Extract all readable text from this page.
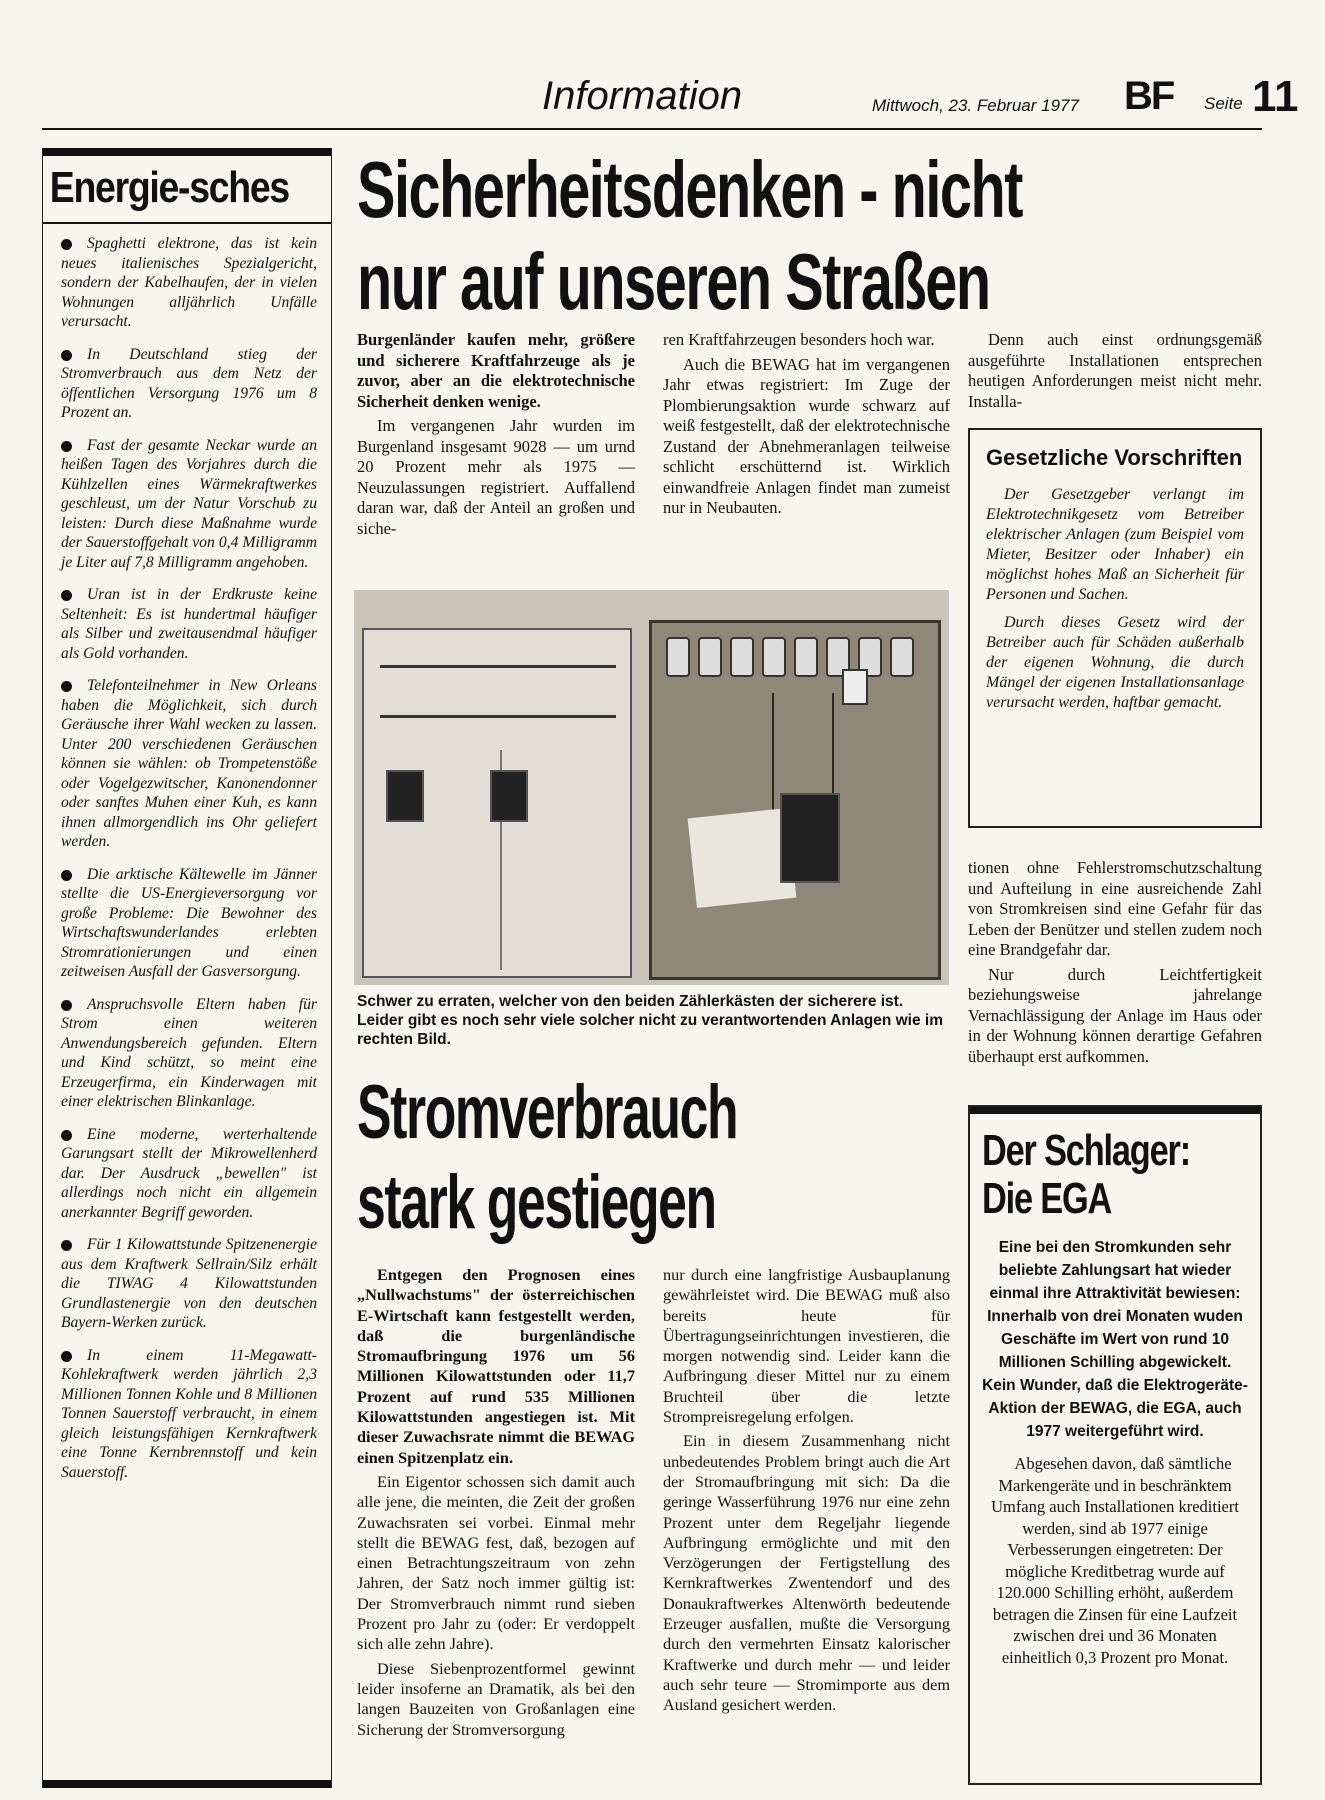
Information	Mittwoch, 23. Februar 1977 BF Seite 11
Energie-sches
Spaghetti elektrone, das ist kein neues italienisches Spezialgericht, sondern der Kabelhaufen, der in vielen Wohnungen alljährlich Unfälle verursacht.
In Deutschland stieg der Stromverbrauch aus dem Netz der öffentlichen Versorgung 1976 um 8 Prozent an.
Fast der gesamte Neckar wurde an heißen Tagen des Vorjahres durch die Kühlzellen eines Wärmekraftwerkes geschleust, um der Natur Vorschub zu leisten: Durch diese Maßnahme wurde der Sauerstoffgehalt von 0,4 Milligramm je Liter auf 7,8 Milligramm angehoben.
Uran ist in der Erdkruste keine Seltenheit: Es ist hundertmal häufiger als Silber und zweitausendmal häufiger als Gold vorhanden.
Telefonteilnehmer in New Orleans haben die Möglichkeit, sich durch Geräusche ihrer Wahl wecken zu lassen. Unter 200 verschiedenen Geräuschen können sie wählen: ob Trompetenstöße oder Vogelgezwitscher, Kanonendonner oder sanftes Muhen einer Kuh, es kann ihnen allmorgendlich ins Ohr geliefert werden.
Die arktische Kältewelle im Jänner stellte die US-Energieversorgung vor große Probleme: Die Bewohner des Wirtschaftswunderlandes erlebten Stromrationierungen und einen zeitweisen Ausfall der Gasversorgung.
Anspruchsvolle Eltern haben für Strom einen weiteren Anwendungsbereich gefunden. Eltern und Kind schützt, so meint eine Erzeugerfirma, ein Kinderwagen mit einer elektrischen Blinkanlage.
Eine moderne, werterhaltende Garungsart stellt der Mikrowellenherd dar. Der Ausdruck „bewellen" ist allerdings noch nicht ein allgemein anerkannter Begriff geworden.
Für 1 Kilowattstunde Spitzenenergie aus dem Kraftwerk Sellrain/Silz erhält die TIWAG 4 Kilowattstunden Grundlastenergie von den deutschen Bayern-Werken zurück.
In einem 11-Megawatt-Kohlekraftwerk werden jährlich 2,3 Millionen Tonnen Kohle und 8 Millionen Tonnen Sauerstoff verbraucht, in einem gleich leistungsfähigen Kernkraftwerk eine Tonne Kernbrennstoff und kein Sauerstoff.
Sicherheitsdenken - nicht
nur auf unseren Straßen

Burgenländer kaufen mehr, größere und sicherere Kraftfahrzeuge als je zuvor, aber an die elektrotechnische Sicherheit denken wenige.

Im vergangenen Jahr wurden im Burgenland insgesamt 9028 — um urnd 20 Prozent mehr als 1975 — Neuzulassungen registriert. Auffallend daran war, daß der Anteil an großen und siche-

ren Kraftfahrzeugen besonders hoch war.

Auch die BEWAG hat im vergangenen Jahr etwas registriert: Im Zuge der Plombierungsaktion wurde schwarz auf weiß festgestellt, daß der elektrotechnische Zustand der Abnehmeranlagen teilweise schlicht erschütternd ist. Wirklich einwandfreie Anlagen findet man zumeist nur in Neubauten.

Denn auch einst ordnungsgemäß ausgeführte Installationen entsprechen heutigen Anforderungen meist nicht mehr. Installa-

Schwer zu erraten, welcher von den beiden Zählerkästen der sicherere ist. Leider gibt es noch sehr viele solcher nicht zu verantwortenden Anlagen wie im rechten Bild.
Gesetzliche Vorschriften

Der Gesetzgeber verlangt im Elektrotechnikgesetz vom Betreiber elektrischer Anlagen (zum Beispiel vom Mieter, Besitzer oder Inhaber) ein möglichst hohes Maß an Sicherheit für Personen und Sachen.

Durch dieses Gesetz wird der Betreiber auch für Schäden außerhalb der eigenen Wohnung, die durch Mängel der eigenen Installationsanlage verursacht werden, haftbar gemacht.

tionen ohne Fehlerstromschutzschaltung und Aufteilung in eine ausreichende Zahl von Stromkreisen sind eine Gefahr für das Leben der Benützer und stellen zudem noch eine Brandgefahr dar.

Nur durch Leichtfertigkeit beziehungsweise jahrelange Vernachlässigung der Anlage im Haus oder in der Wohnung können derartige Gefahren überhaupt erst aufkommen.

Stromverbrauch
stark gestiegen

Entgegen den Prognosen eines „Nullwachstums" der österreichischen E-Wirtschaft kann festgestellt werden, daß die burgenländische Stromaufbringung 1976 um 56 Millionen Kilowattstunden oder 11,7 Prozent auf rund 535 Millionen Kilowattstunden angestiegen ist. Mit dieser Zuwachsrate nimmt die BEWAG einen Spitzenplatz ein.

Ein Eigentor schossen sich damit auch alle jene, die meinten, die Zeit der großen Zuwachsraten sei vorbei. Einmal mehr stellt die BEWAG fest, daß, bezogen auf einen Betrachtungszeitraum von zehn Jahren, der Satz noch immer gültig ist: Der Stromverbrauch nimmt rund sieben Prozent pro Jahr zu (oder: Er verdoppelt sich alle zehn Jahre).

Diese Siebenprozentformel gewinnt leider insoferne an Dramatik, als bei den langen Bauzeiten von Großanlagen eine Sicherung der Stromversorgung

nur durch eine langfristige Ausbauplanung gewährleistet wird. Die BEWAG muß also bereits heute für Übertragungseinrichtungen investieren, die morgen notwendig sind. Leider kann die Aufbringung dieser Mittel nur zu einem Bruchteil über die letzte Strompreisregelung erfolgen.

Ein in diesem Zusammenhang nicht unbedeutendes Problem bringt auch die Art der Stromaufbringung mit sich: Da die geringe Wasserführung 1976 nur eine zehn Prozent unter dem Regeljahr liegende Aufbringung ermöglichte und mit den Verzögerungen der Fertigstellung des Kernkraftwerkes Zwentendorf und des Donaukraftwerkes Altenwörth bedeutende Erzeuger ausfallen, mußte die Versorgung durch den vermehrten Einsatz kalorischer Kraftwerke und durch mehr — und leider auch sehr teure — Stromimporte aus dem Ausland gesichert werden.

Der Schlager:
Die EGA

Eine bei den Stromkunden sehr beliebte Zahlungsart hat wieder einmal ihre Attraktivität bewiesen: Innerhalb von drei Monaten wuden Geschäfte im Wert von rund 10 Millionen Schilling abgewickelt. Kein Wunder, daß die Elektrogeräte-Aktion der BEWAG, die EGA, auch 1977 weitergeführt wird.

Abgesehen davon, daß sämtliche Markengeräte und in beschränktem Umfang auch Installationen kreditiert werden, sind ab 1977 einige Verbesserungen eingetreten: Der mögliche Kreditbetrag wurde auf 120.000 Schilling erhöht, außerdem betragen die Zinsen für eine Laufzeit zwischen drei und 36 Monaten einheitlich 0,3 Prozent pro Monat.
